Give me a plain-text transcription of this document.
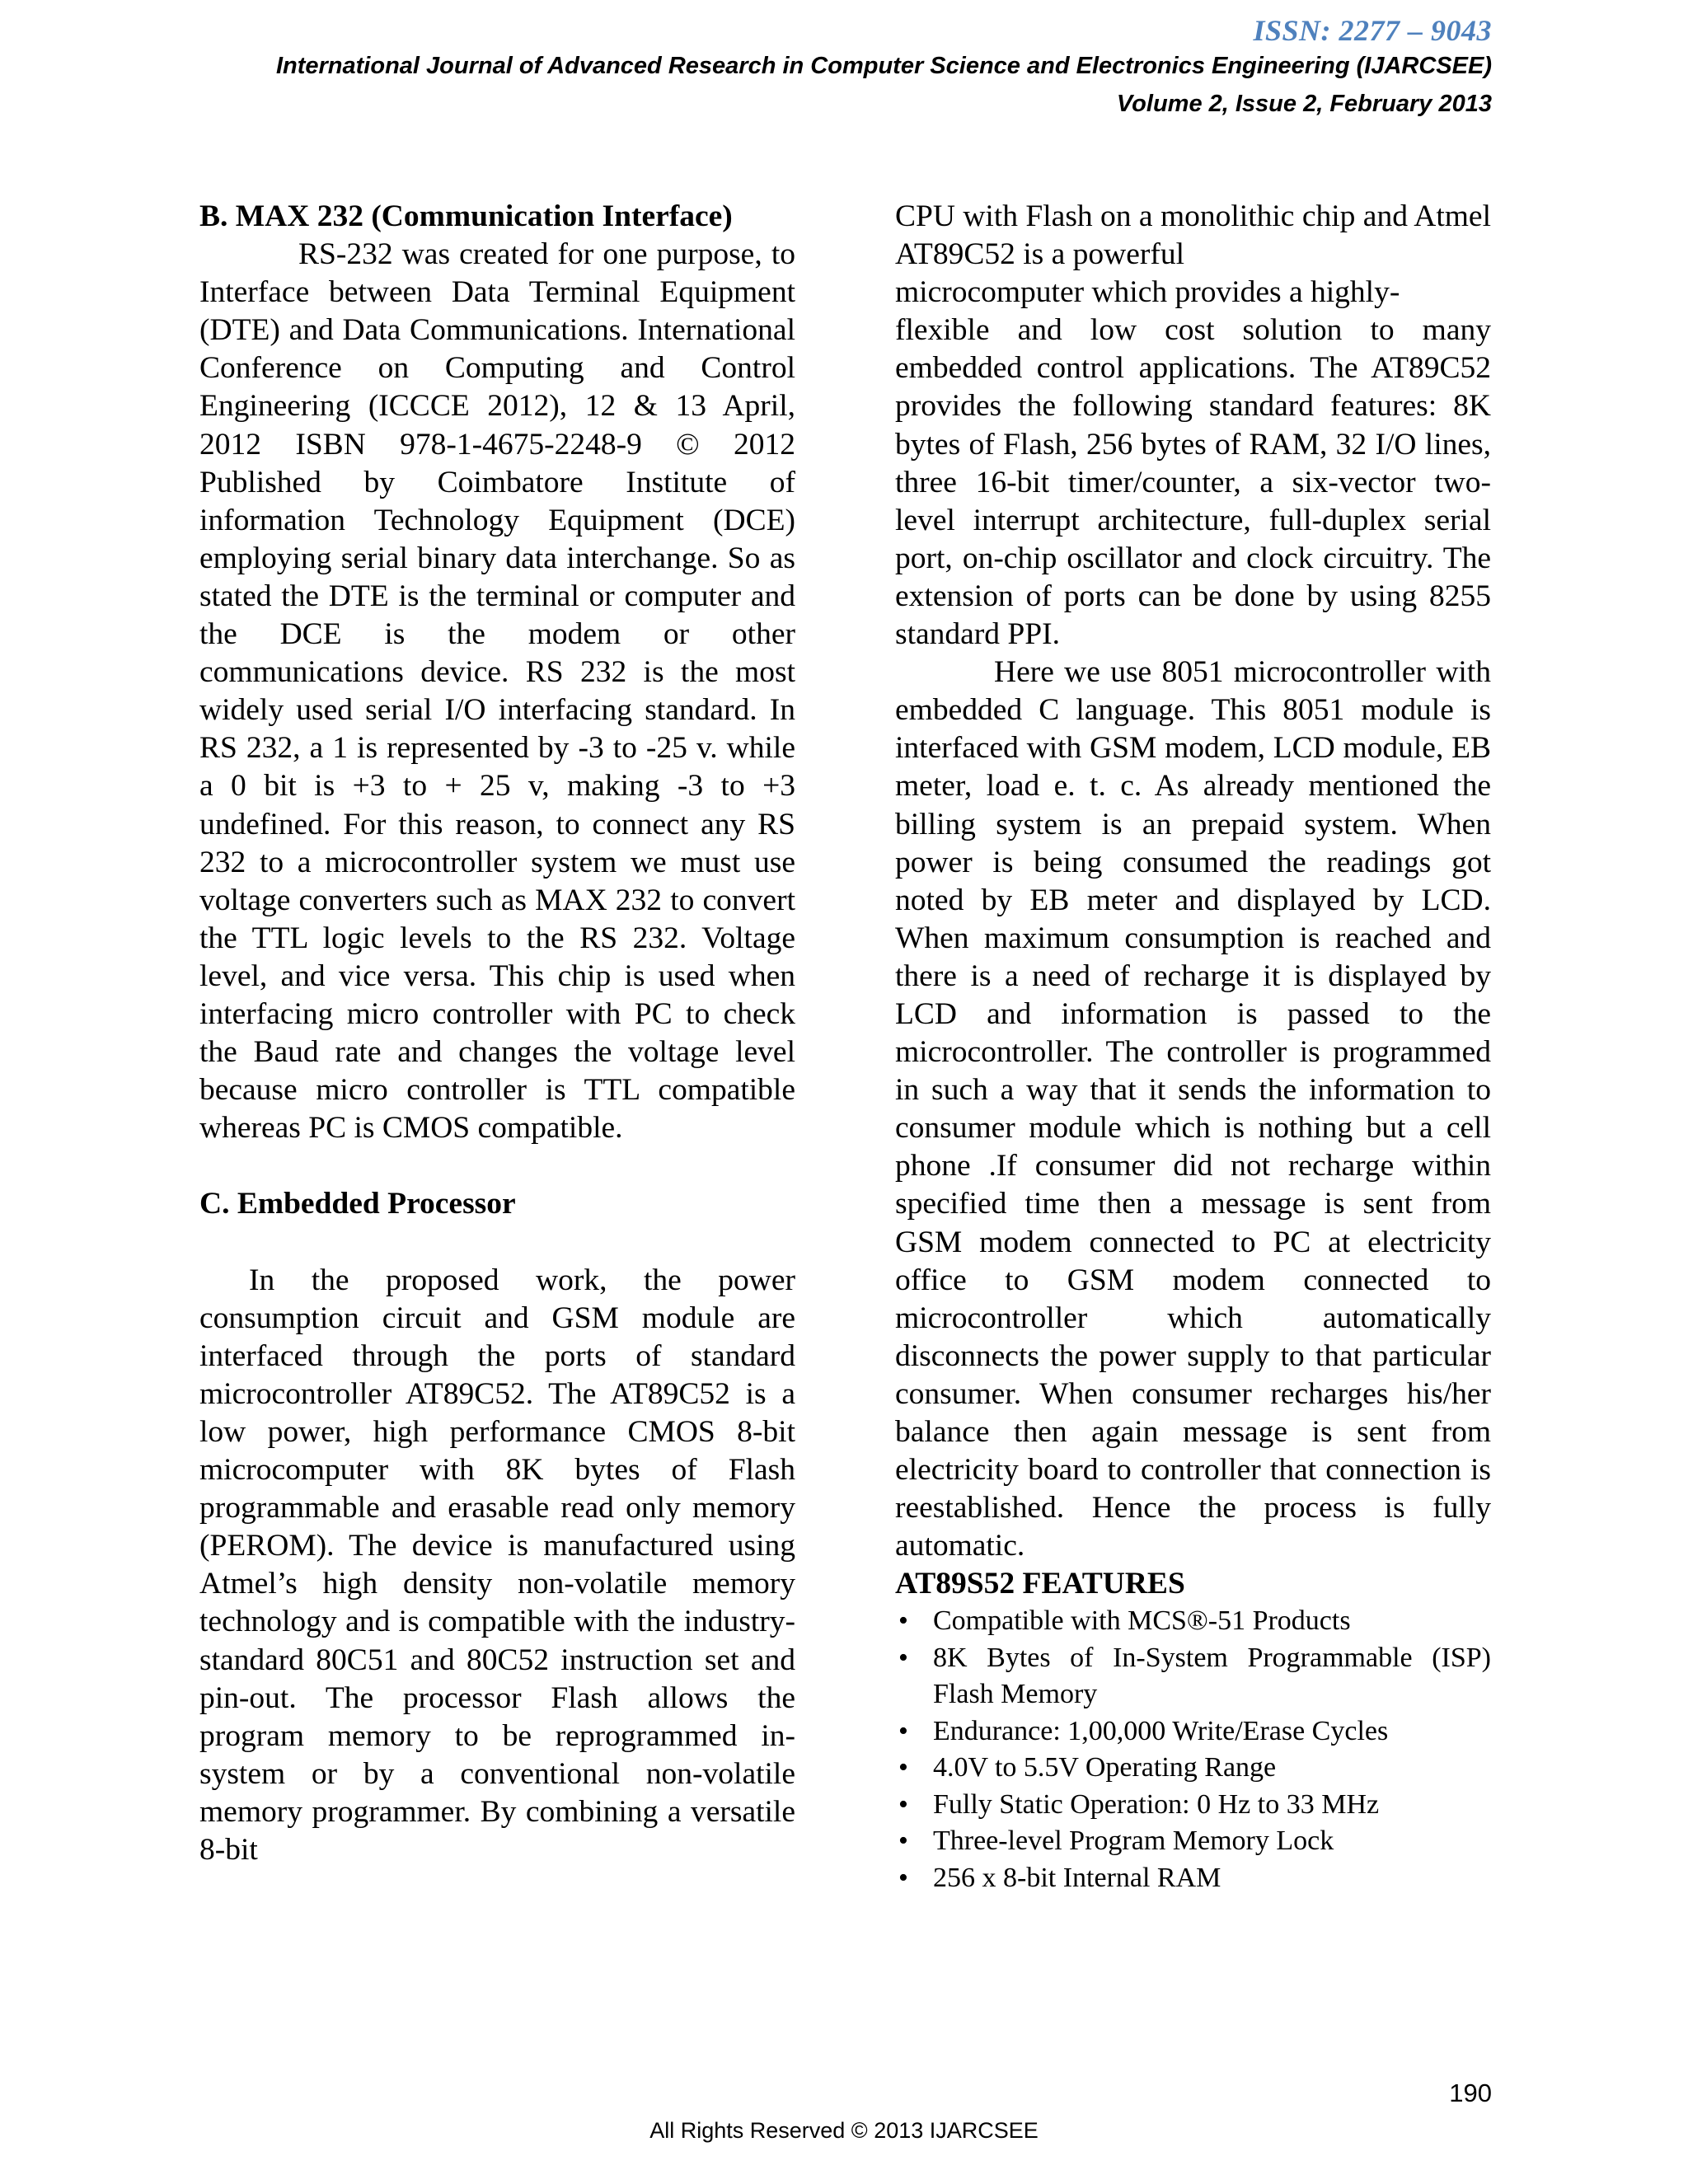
ISSN: 2277 – 9043
International Journal of Advanced Research in Computer Science and Electronics Engineering (IJARCSEE)
Volume 2, Issue 2, February 2013

B. MAX 232 (Communication Interface)

RS-232 was created for one purpose, to Interface between Data Terminal Equipment (DTE) and Data Communications. International Conference on Computing and Control Engineering (ICCCE 2012), 12 & 13 April, 2012 ISBN 978-1-4675-2248-9 © 2012 Published by Coimbatore Institute of information Technology Equipment (DCE) employing serial binary data interchange. So as stated the DTE is the terminal or computer and the DCE is the modem or other communications device. RS 232 is the most widely used serial I/O interfacing standard. In RS 232, a 1 is represented by -3 to -25 v. while a 0 bit is +3 to + 25 v, making -3 to +3 undefined. For this reason, to connect any RS 232 to a microcontroller system we must use voltage converters such as MAX 232 to convert the TTL logic levels to the RS 232. Voltage level, and vice versa. This chip is used when interfacing micro controller with PC to check the Baud rate and changes the voltage level because micro controller is TTL compatible whereas PC is CMOS compatible.

C. Embedded Processor

In the proposed work, the power consumption circuit and GSM module are interfaced through the ports of standard microcontroller AT89C52. The AT89C52 is a low power, high performance CMOS 8-bit microcomputer with 8K bytes of Flash programmable and erasable read only memory (PEROM). The device is manufactured using Atmel’s high density non-volatile memory technology and is compatible with the industry-standard 80C51 and 80C52 instruction set and pin-out. The processor Flash allows the program memory to be reprogrammed in-system or by a conventional non-volatile memory programmer. By combining a versatile 8-bit

CPU with Flash on a monolithic chip and Atmel AT89C52 is a powerful

microcomputer which provides a highly-

flexible and low cost solution to many embedded control applications. The AT89C52 provides the following standard features: 8K bytes of Flash, 256 bytes of RAM, 32 I/O lines, three 16-bit timer/counter, a six-vector two-level interrupt architecture, full-duplex serial port, on-chip oscillator and clock circuitry. The extension of ports can be done by using 8255 standard PPI.

Here we use 8051 microcontroller with embedded C language. This 8051 module is interfaced with GSM modem, LCD module, EB meter, load e. t. c. As already mentioned the billing system is an prepaid system. When power is being consumed the readings got noted by EB meter and displayed by LCD. When maximum consumption is reached and there is a need of recharge it is displayed by LCD and information is passed to the microcontroller. The controller is programmed in such a way that it sends the information to consumer module which is nothing but a cell phone .If consumer did not recharge within specified time then a message is sent from GSM modem connected to PC at electricity office to GSM modem connected to microcontroller which automatically disconnects the power supply to that particular consumer. When consumer recharges his/her balance then again message is sent from electricity board to controller that connection is reestablished. Hence the process is fully automatic.

AT89S52 FEATURES

• Compatible with MCS®-51 Products
• 8K Bytes of In-System Programmable (ISP) Flash Memory
• Endurance: 1,00,000 Write/Erase Cycles
• 4.0V to 5.5V Operating Range
• Fully Static Operation: 0 Hz to 33 MHz
• Three-level Program Memory Lock
• 256 x 8-bit Internal RAM
190
All Rights Reserved © 2013 IJARCSEE
